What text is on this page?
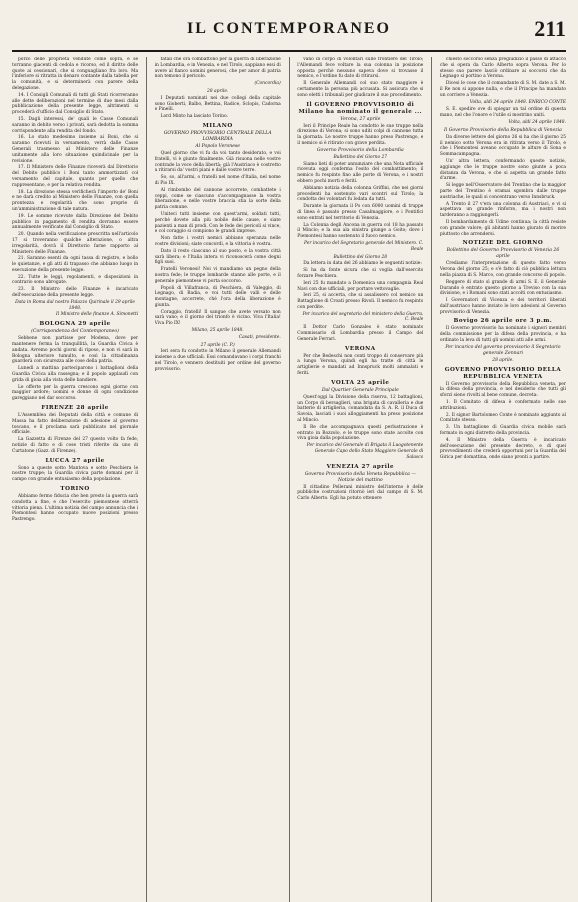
IL CONTEMPORANEO	211

porzo delle proprietà vendute come sopra, e se torranno giacenti di cedola e ricorso, ed il diritto delle quote ai cessionari, che si conguagliano fra loro. Ma l'inferiore si ritratta in denaro contante dalla tabella per la comunità, e si determinerà con parere della delegazione.

14. I Consigli Comunali di tutti gli Stati ricorreranno alle dette deliberazioni nel termine di due mesi dalla pubblicazione della presente legge, altrimenti si procederà d'ufficio dal Consiglio di Stato.

15. Dagli interessi, de' quali le Casse Comunali saranno in debito verso i privati, sarà dedotta la somma corrispondente alla rendita del fondo.

16. Lo stato medesimo insieme ai Boni, che si saranno ricevuti in versamento, verrà dalle Casse Generali trasmesso al Ministero delle Finanze unitamente alla loro situazione quindicinale per la revisione.

17. Il Ministero delle Finanze riceverà dal Direttorio del Debito pubblico i Boni tanto ammortizzati col versamento del capitale, quanto per quello che rappresentano, e per la relativa rendita.

18. La direzione stessa verificherà l'importo de' Boni e ne darà credito al Ministero delle Finanze, con quella prontezza e regolarità che sono proprie di un'amministrazione di tale natura.

19. Le somme ricevute dalla Direzione del Debito pubblico in pagamento di rendita dovranno essere annualmente verificate dal Consiglio di Stato.

20. Quando nella verificazione prescritta nell'articolo 17 si troveranno qualche alterazione, o altra irregolarità, dovrà il Direttorio farne rapporto al Ministero delle Finanze.

21. Saranno esenti da ogni tassa di registro, e bollo le quietanze, e gli atti di trapasso che abbiano luogo in esecuzione della presente legge.

22. Tutte le leggi, regolamenti, e disposizioni in contrario sono abrogate.

23. Il Ministro delle Finanze è incaricato dell'esecuzione della presente legge.

Data in Roma dal nostro Palazzo Quirinale il 29 aprile 1848.

Il Ministro delle finanze A. Simonetti

BOLOGNA 29 aprile

(Corrispondenza del Contemporaneo)

Sebbene non partisse per Modena, dove per mantenere ferma la tranquillità, la Guardia Civica è andata. Avremo pochi giorni di riposo, e non vi sarà in Bologna ulteriore tumulto, e così la cittadinanza guarderà con sicurezza alle cose della patria.

Lunedì a mattina parteciparono i battaglioni della Guardia Civica alla rassegna; e il popolo applaudì con grida di gioia alla vista delle bandiere.

Le offerte per la guerra crescono ogni giorno con maggior ardore; uomini e donne di ogni condizione gareggiano nel dar soccorso.

FIRENZE 28 aprile

L'Assemblea dei Deputati della città e comune di Massa ha fatto deliberazione di adesione al governo toscano, e il proclama sarà pubblicato nel giornale officiale.

La Gazzetta di Firenze del 27 questo volto fa fede, notizie di fatto e di cose tristi riferite da uno di Curtatone (Gazz. di Firenze).

LUCCA 27 aprile

Sono a queste sotto Mantova e sotto Peschiera le nostre truppe; la Guardia civica parte domani per il campo con grande entusiasmo della popolazione.

TORINO

Abbiamo fermo fiducia che ben presto la guerra sarà condotta a fine, e che l'esercito piemontese otterrà vittoria piena. L'ultima notizia del campo annuncia che i Piemontesi hanno occupato nuove posizioni presso Pastrengo.

fatali che ora combattono per la guerra di liberazione in Lombardia, e in Venezia, e nel Tirolo, sappiano essi di avere al fianco uomini generosi, che per amor di patria non temono il pericolo.

(Concordia)

28 aprile.

I Deputati nominati nei due collegi della capitale sono Gioberti, Balbo, Bettina, Radice, Sclopis, Cadorna e Pinelli.

Lord Minto ha lasciato Torino.

MILANO

GOVERNO PROVVISORIO CENTRALE DELLA LOMBARDIA

Al Popolo Veronese

Quel giorno che vi fu da voi tanto desiderato, e voi fratelli, vi è giunto finalmente. Già risuona nelle vostre contrade la voce della libertà; già l'Austriaco è costretto a ritirarsi da' vostri piani e dalle vostre terre.

So, so, all'armi, o fratelli nel nome d'Italia, nel nome di Pio IX.

Al rimbombo del cannone accorrete, combattete i ceppi, come se ciascuno s'accompagnasse la vostra liberazione, e nelle vostre braccia stia la sorte della patria comune.

Uniteci tutti insieme con quest'armi, soldati tutti, perchè dovete alla più nobile delle cause, e siate pazienti a man di prodi. Con le fede dei pericoli si vince, e col coraggio si compiono le grandi imprese.

Non fatte i vostri nemici abbiano speranza nelle vostre divisioni; siate concordi, e la vittoria è vostra.

Dato il resto ciascuno al suo posto, e la vostra città sarà libera; e l'Italia intera vi riconoscerà come degni figli suoi.

Fratelli Veronesi! Noi vi mandiamo un pegno della nostra fede; le truppe lombarde stanno alle porte, e il generale piemontese vi porta soccorso.

Popoli di Villafranca, di Peschiera, di Valeggio, di Legnago, di Badia, e voi tutti delle valli e delle montagne, accorrete, chè l'ora della liberazione è giunta.

Coraggio, fratelli! Il sangue che avete versato non sarà vano; e il giorno del trionfo è vicino. Viva l'Italia! Viva Pio IX!

Milano, 25 aprile 1848.

Casati, presidente.

27 aprile (C. P.)

Ieri sera fu condotto in Milano il generale Allemandi insieme a due ufficiali. Essi comandavano i corpi franchi nel Tirolo, e vennero destituiti per ordine del governo provvisorio.

vano in corpo di volontari sulle frontiere del Tirolo; l'Allemandi fece voltare la sua colonna in posizione opposta perchè nessuno sapeva dove si trovasse il nemico, e l'ordine fu dato di ritirarsi.

Il Generale Allemandi col suo stato maggiore è certamente la persona più accusata. Si assicura che si sono eletti i tribunali per giudicare il suo procedimento.

Il GOVERNO PROVVISORIO di Milano ha nominato il generale ...

Verona, 27 aprile

Ieri il Principe Reale ha condotto le sue truppe nella direzione di Verona; si sono uditi colpi di cannone tutta la giornata. Le nostre truppe hanno preso Pastrengo, e il nemico si è ritirato con grave perdita.

Governo Provvisorio della Lombardia

Bullettino del Giorno 27

Siamo lieti di poter annunziare che una Nota ufficiale ricevuta oggi conferma l'esito del combattimento; il nemico fu respinto fino alle porte di Verona, e i nostri ebbero pochi morti e feriti.

Abbiamo notizia della colonna Griffini, che nei giorni precedenti ha sostenuto vari scontri sul Tirolo; la condotta dei volontari fu lodata da tutti.

Durante la giornata il Po con 6000 uomini di truppe di linea è passato presso Casalmaggiore, e i Pontifici sono entrati nel territorio di Venezia.

La Colonna degli Ancona in guerra col 18 ha passato il Mincio; e la sua ala sinistra giunge a Goito; dove i Piemontesi hanno sostenuto il fuoco nemico.

Per incarico del Segretario generale del Ministero. C. Beale

Bullettino del Giorno 28

Da lettera in data del 26 abbiamo le seguenti notizie:

Si ha da fonte sicura che si voglia dall'esercito forzare Peschiera.

Ieri 25 fu mandato a Domenica una compagnia Real Navi con due ufficiali, per portare vettovaglie.

Ieri 25, si accerta, che si assalissero col nemico un Battaglione di Croati presso Rivoli. Il nemico fu respinto con perdite.

Per incarico del segretario del ministero della Guerra. C. Beale

Il Dottor Carlo Gonzales è stato nominato Commissario di Lombardia presso il Campo del Generale Ferrari.

VERONA

Per che Bedeschi non conti troppo di conservare più a lungo Verona, quindi egli ha tratte di città le artiglierie e mandati ad Innspruck molti ammalati e feriti.

VOLTA 25 aprile

Dal Quartier Generale Principale

Quest'oggi la Divisione della riserva, 12 battaglioni, un Corpo di bersaglieri, una brigata di cavalleria e due batterie di artiglieria, comandata da S. A. R. il Duca di Savoia, lasciati i suoi alloggiamenti ha preso posizione al Mincio.

Il Re che accompagnava questi perlustrazione è entrato in Bozzolo, e le truppe sono state accolte con viva gioia dalla popolazione.

Per incarico del Generale di Brigata il Luogotenente Generale Capo dello Stato Maggiore Generale di Salasco

VENEZIA 27 aprile

Governo Provvisorio della Veneta Repubblica — Notizie del mattino

Il cittadino Pellerani ministro dell'interno è delle pubbliche costruzioni ritornò ieri dal campo di S. M. Carlo Alberto. Egli ha potuto ottenere

chiesto soccorso senza pregiudizio il passo di attacco che si opera da Carlo Alberto sopra Verona. Per lo stesso suo parere lasciò ordinare ai soccorsi che da Legnago si portino a Verona.

Dicesi le cose che il comandante di S. M. date a S. M. il Re non si appone nulla, e che il Principe ha mandato un corriere a Venezia.

Volta, aldi 24 aprile 1848. ENRICO CONTE

S. E. spedire ove di spiegar un tal ordine di questa mano, nel che l'onore e l'utile si mostrino uniti.

Volta, aldi 24 aprile 1848.

Il Governo Provvisorio della Repubblica di Venezia

Da diverse lettere del giorno 26 si ha che il giorno 25 il nemico sotto Verona era in ritirata verso il Tirolo, e che i Piemontesi aveano occupato le alture di Sona e Sommacampagna.

Un' altra lettera, confermando queste notizie, aggiunge che le truppe nostre sono giunte a poca distanza da Verona, e che si aspetta un grande fatto d'arme.

Si legge nell'Osservatore del Trentino che la maggior parte del Trentino è oramai sgombra dalle truppe austriache, le quali si concentrano verso Innsbruck.

A Trento il 27 v'era una colonna di Austriaci, e vi si aspettava un grande rinforzo, ma i nostri non tarderanno a raggiungerli.

Il bombardamento di Udine continua; la città resiste con grande valore; gli abitanti hanno giurato di morire piuttosto che arrendersi.

NOTIZIE DEL GIORNO

Bollettino del Governo Provvisorio di Venezia 26 aprile

Crediamo l'interpretazione di questo fatto verso Verona del giorno 25; e s'è fatto di ciò pubblica lettura nella piazza di S. Marco, con grande concorso di popolo.

Reggere di stato sì grande di armi S. E. il Generale Durando è entrato questo giorno a Treviso con la sua divisione, e i Romani sono stati accolti con entusiasmo.

I Governatori di Vicenza e dei territori liberati dall'austriaco hanno inviato le loro adesioni al Governo provvisorio di Venezia.

Bovigo 26 aprile ore 3 p.m.

Il Governo provvisorio ha nominato i signori membri della commissione per la difesa della provincia, e ha ordinato la leva di tutti gli uomini atti alle armi.

Per incarico del governo provvisorio il Segretario generale Zennari

28 aprile.

GOVERNO PROVVISORIO DELLA REPUBBLICA VENETA

Il Governo provvisorio della Repubblica veneta, per la difesa della provincia, e nel desiderio che tutti gli sforzi sieno rivolti al bene comune, decreta:

1. Il Comitato di difesa è confermato nelle sue attribuzioni.

2. Il signor Bartolomeo Conte è nominato aggiunto al Comitato stesso.

3. Un battaglione di Guardia civica mobile sarà formato in ogni distretto della provincia.

4. Il Ministro della Guerra è incaricato dell'esecuzione del presente decreto, e di quei provvedimenti che crederà opportuni per la Guardia del Girica per domattina, onde siano pronti a partire.
